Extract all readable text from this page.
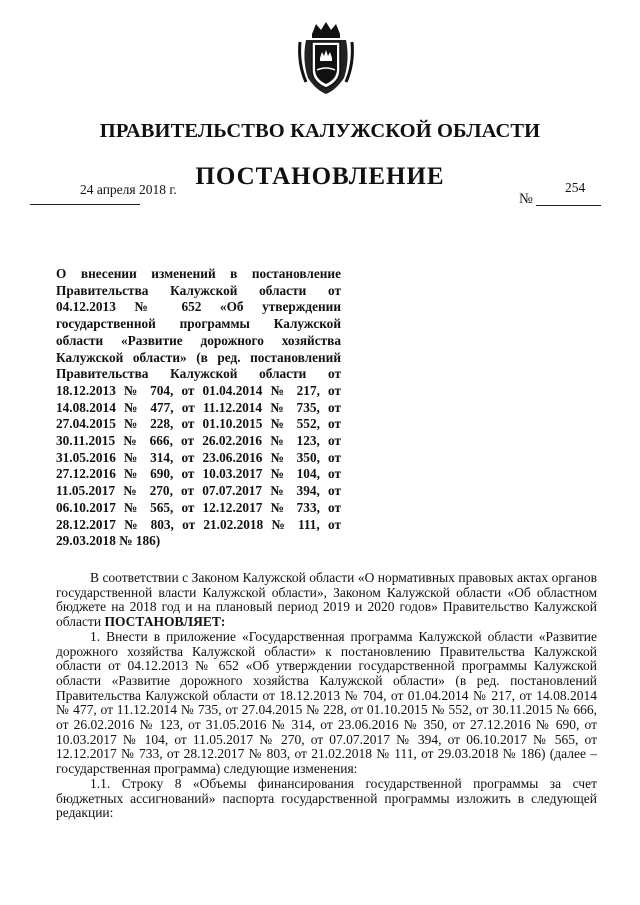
ПРАВИТЕЛЬСТВО КАЛУЖСКОЙ ОБЛАСТИ
ПОСТАНОВЛЕНИЕ
24 апреля 2018 г.	254
№

О внесении изменений в постановление Правительства Калужской области от 04.12.2013 № 652 «Об утверждении государственной программы Калужской области «Развитие дорожного хозяйства Калужской области» (в ред. постановлений Правительства Калужской области от 18.12.2013 № 704, от 01.04.2014 № 217, от 14.08.2014 № 477, от 11.12.2014 № 735, от 27.04.2015 № 228, от 01.10.2015 № 552, от 30.11.2015 № 666, от 26.02.2016 № 123, от 31.05.2016 № 314, от 23.06.2016 № 350, от 27.12.2016 № 690, от 10.03.2017 № 104, от 11.05.2017 № 270, от 07.07.2017 № 394, от 06.10.2017 № 565, от 12.12.2017 № 733, от 28.12.2017 № 803, от 21.02.2018 № 111, от 29.03.2018 № 186)

В соответствии с Законом Калужской области «О нормативных правовых актах органов государственной власти Калужской области», Законом Калужской области «Об областном бюджете на 2018 год и на плановый период 2019 и 2020 годов» Правительство Калужской области ПОСТАНОВЛЯЕТ:

1. Внести в приложение «Государственная программа Калужской области «Развитие дорожного хозяйства Калужской области» к постановлению Правительства Калужской области от 04.12.2013 № 652 «Об утверждении государственной программы Калужской области «Развитие дорожного хозяйства Калужской области» (в ред. постановлений Правительства Калужской области от 18.12.2013 № 704, от 01.04.2014 № 217, от 14.08.2014 № 477, от 11.12.2014 № 735, от 27.04.2015 № 228, от 01.10.2015 № 552, от 30.11.2015 № 666, от 26.02.2016 № 123, от 31.05.2016 № 314, от 23.06.2016 № 350, от 27.12.2016 № 690, от 10.03.2017 № 104, от 11.05.2017 № 270, от 07.07.2017 № 394, от 06.10.2017 № 565, от 12.12.2017 № 733, от 28.12.2017 № 803, от 21.02.2018 № 111, от 29.03.2018 № 186) (далее – государственная программа) следующие изменения:

1.1. Строку 8 «Объемы финансирования государственной программы за счет бюджетных ассигнований» паспорта государственной программы изложить в следующей редакции:
